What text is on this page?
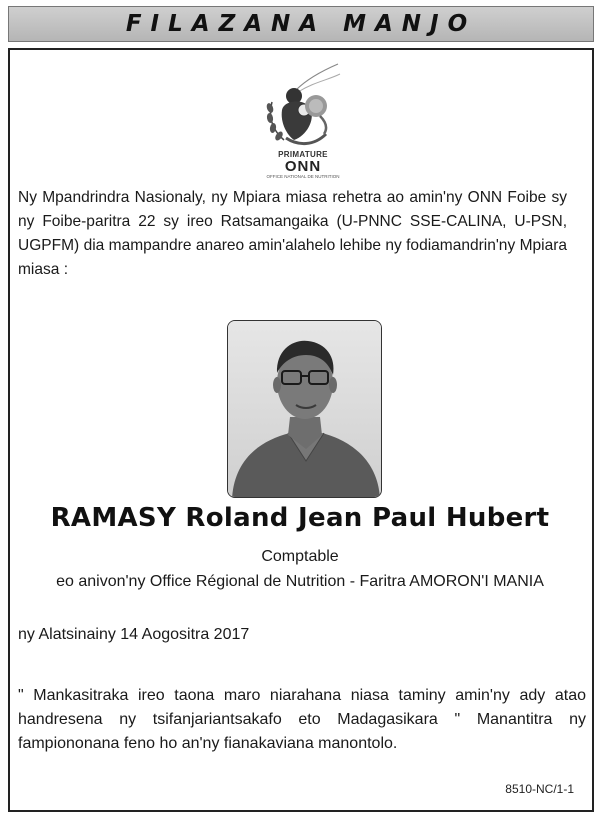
FILAZANA MANJO
PRIMATURE
ONN
OFFICE NATIONAL DE NUTRITION

Ny Mpandrindra Nasionaly, ny Mpiara miasa rehetra ao amin'ny ONN Foibe sy ny Foibe-paritra 22 sy ireo Ratsamangaika (U-PNNC SSE-CALINA, U-PSN, UGPFM) dia mampandre anareo amin'alahelo lehibe ny fodiamandrin'ny Mpiara miasa :

RAMASY Roland Jean Paul Hubert
Comptable
eo anivon'ny Office Régional de Nutrition - Faritra AMORON'I MANIA
ny Alatsinainy 14 Aogositra 2017

" Mankasitraka ireo taona maro niarahana niasa taminy amin'ny ady atao handresena ny tsifanjariantsakafo eto Madagasikara " Manantitra ny fampiononana feno ho an'ny fianakaviana manontolo.

8510-NC/1-1
